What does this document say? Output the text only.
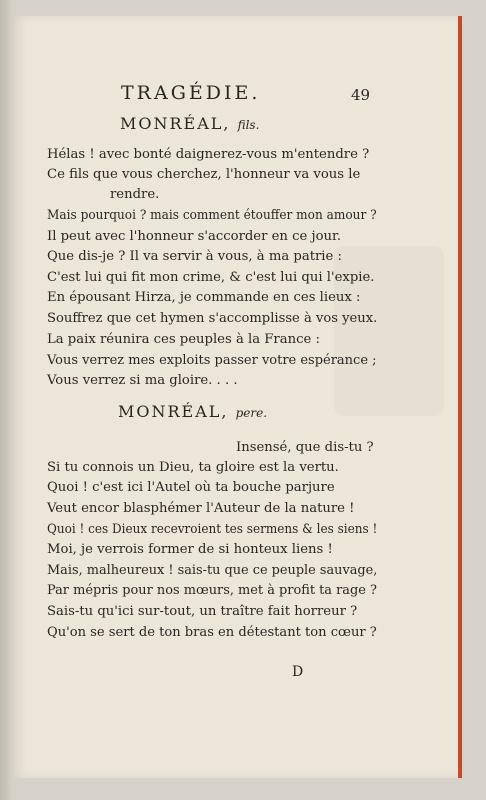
TRAGÉDIE.	49
MONRÉAL, fils.
Hélas ! avec bonté daignerez-vous m'entendre ?
Ce fils que vous cherchez, l'honneur va vous le
rendre.
Mais pourquoi ? mais comment étouffer mon amour ?
Il peut avec l'honneur s'accorder en ce jour.
Que dis-je ? Il va servir à vous, à ma patrie :
C'est lui qui fit mon crime, & c'est lui qui l'expie.
En épousant Hirza, je commande en ces lieux :
Souffrez que cet hymen s'accomplisse à vos yeux.
La paix réunira ces peuples à la France :
Vous verrez mes exploits passer votre espérance ;
Vous verrez si ma gloire. . . .
MONRÉAL, pere.
Insensé, que dis-tu ?
Si tu connois un Dieu, ta gloire est la vertu.
Quoi ! c'est ici l'Autel où ta bouche parjure
Veut encor blasphémer l'Auteur de la nature !
Quoi ! ces Dieux recevroient tes sermens & les siens !
Moi, je verrois former de si honteux liens !
Mais, malheureux ! sais-tu que ce peuple sauvage,
Par mépris pour nos mœurs, met à profit ta rage ?
Sais-tu qu'ici sur-tout, un traître fait horreur ?
Qu'on se sert de ton bras en détestant ton cœur ?
D
